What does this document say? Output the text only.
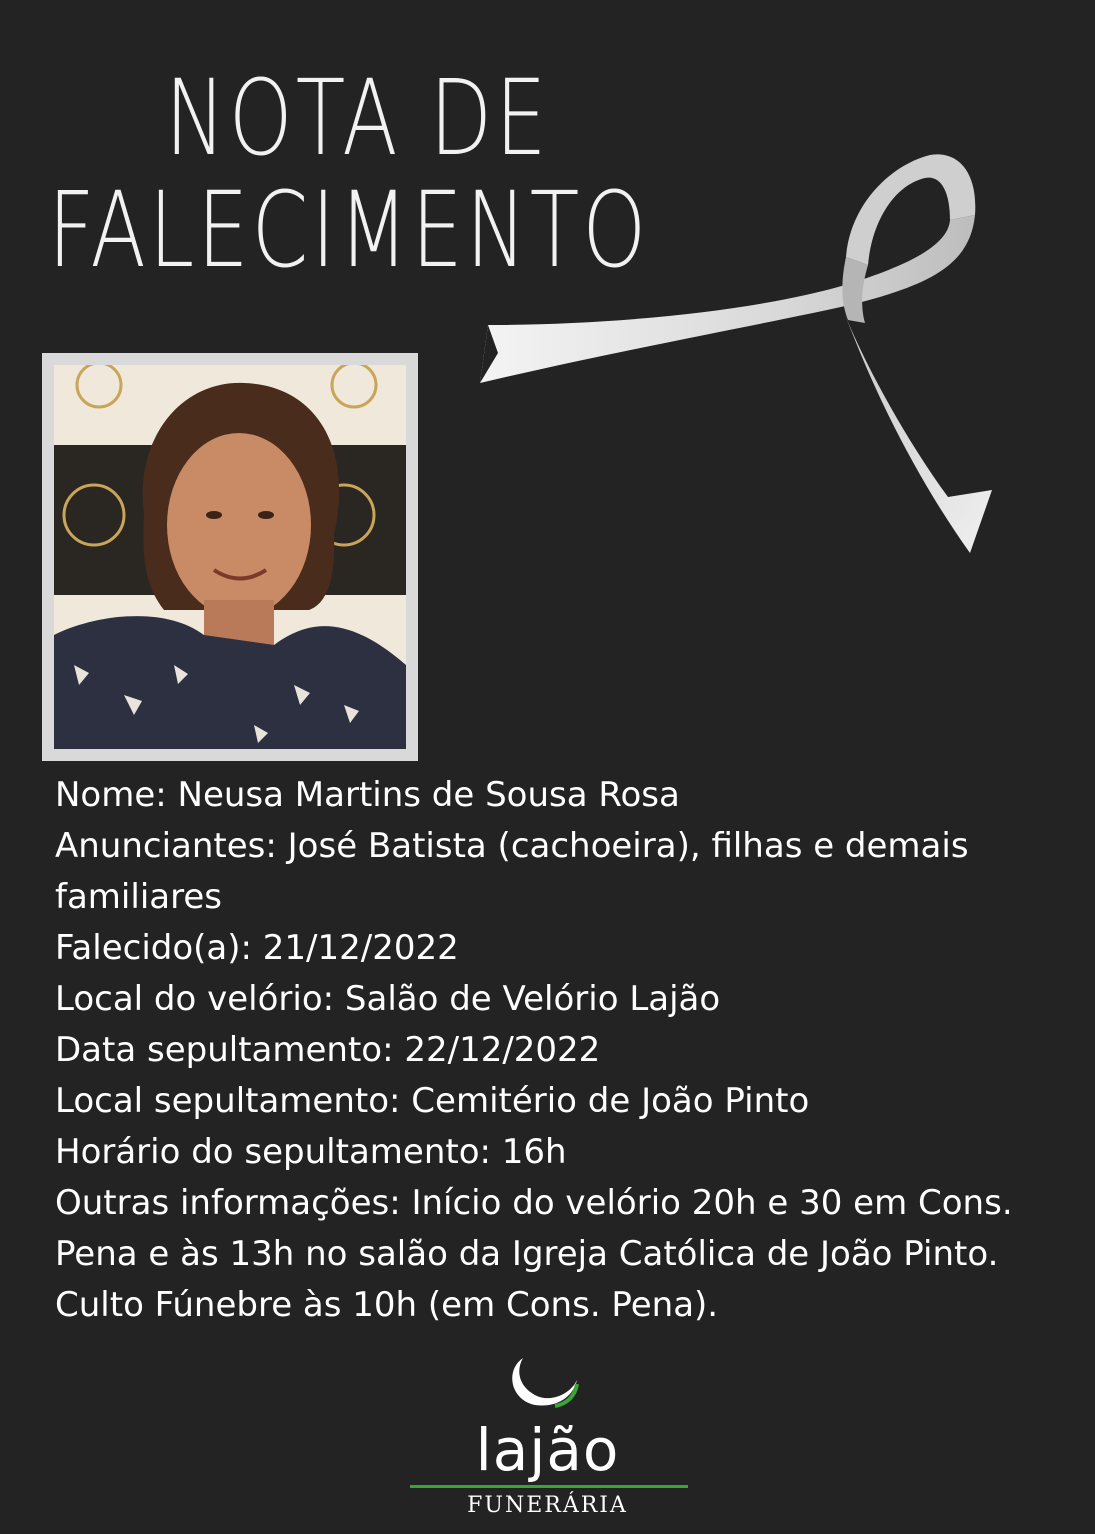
NOTA DE
FALECIMENTO

Nome: Neusa Martins de Sousa Rosa

Anunciantes: José Batista (cachoeira), filhas e demais familiares

Falecido(a): 21/12/2022

Local do velório: Salão de Velório Lajão

Data sepultamento: 22/12/2022

Local sepultamento: Cemitério de João Pinto

Horário do sepultamento: 16h

Outras informações: Início do velório 20h e 30 em Cons. Pena e às 13h no salão da Igreja Católica de João Pinto. Culto Fúnebre às 10h (em Cons. Pena).

lajão
FUNERÁRIA
